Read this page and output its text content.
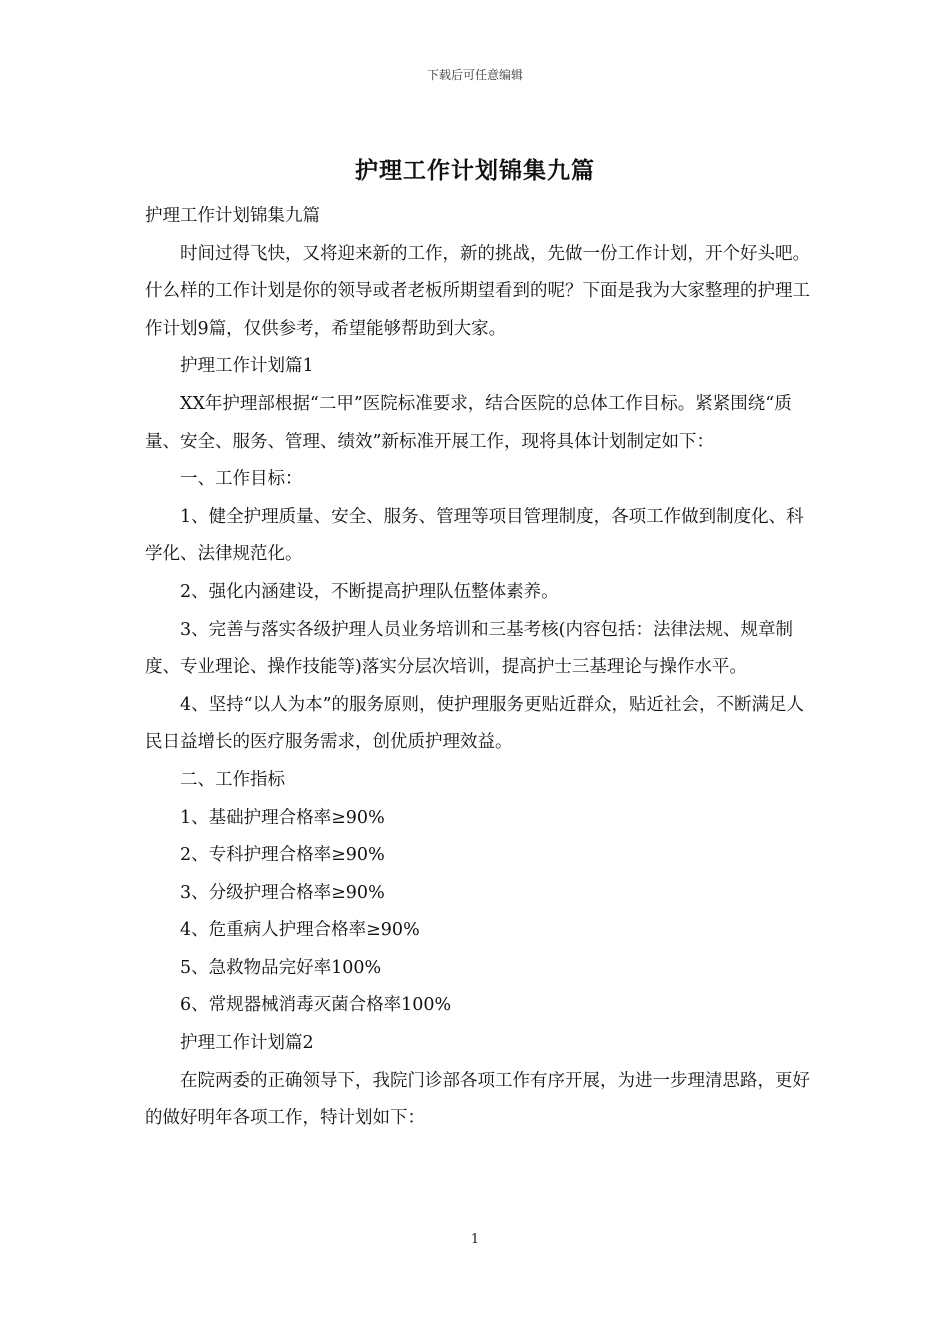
下载后可任意编辑
护理工作计划锦集九篇

护理工作计划锦集九篇

时间过得飞快，又将迎来新的工作，新的挑战，先做一份工作计划，开个好头吧。什么样的工作计划是你的领导或者老板所期望看到的呢？下面是我为大家整理的护理工作计划9篇，仅供参考，希望能够帮助到大家。

护理工作计划篇1

XX年护理部根据“二甲”医院标准要求，结合医院的总体工作目标。紧紧围绕“质量、安全、服务、管理、绩效”新标准开展工作，现将具体计划制定如下：

一、工作目标：

1、健全护理质量、安全、服务、管理等项目管理制度，各项工作做到制度化、科学化、法律规范化。

2、强化内涵建设，不断提高护理队伍整体素养。

3、完善与落实各级护理人员业务培训和三基考核(内容包括：法律法规、规章制度、专业理论、操作技能等)落实分层次培训，提高护士三基理论与操作水平。

4、坚持“以人为本”的服务原则，使护理服务更贴近群众，贴近社会，不断满足人民日益增长的医疗服务需求，创优质护理效益。

二、工作指标

1、基础护理合格率≥90%

2、专科护理合格率≥90%

3、分级护理合格率≥90%

4、危重病人护理合格率≥90%

5、急救物品完好率100%

6、常规器械消毒灭菌合格率100%

护理工作计划篇2

在院两委的正确领导下，我院门诊部各项工作有序开展，为进一步理清思路，更好的做好明年各项工作，特计划如下：

1
